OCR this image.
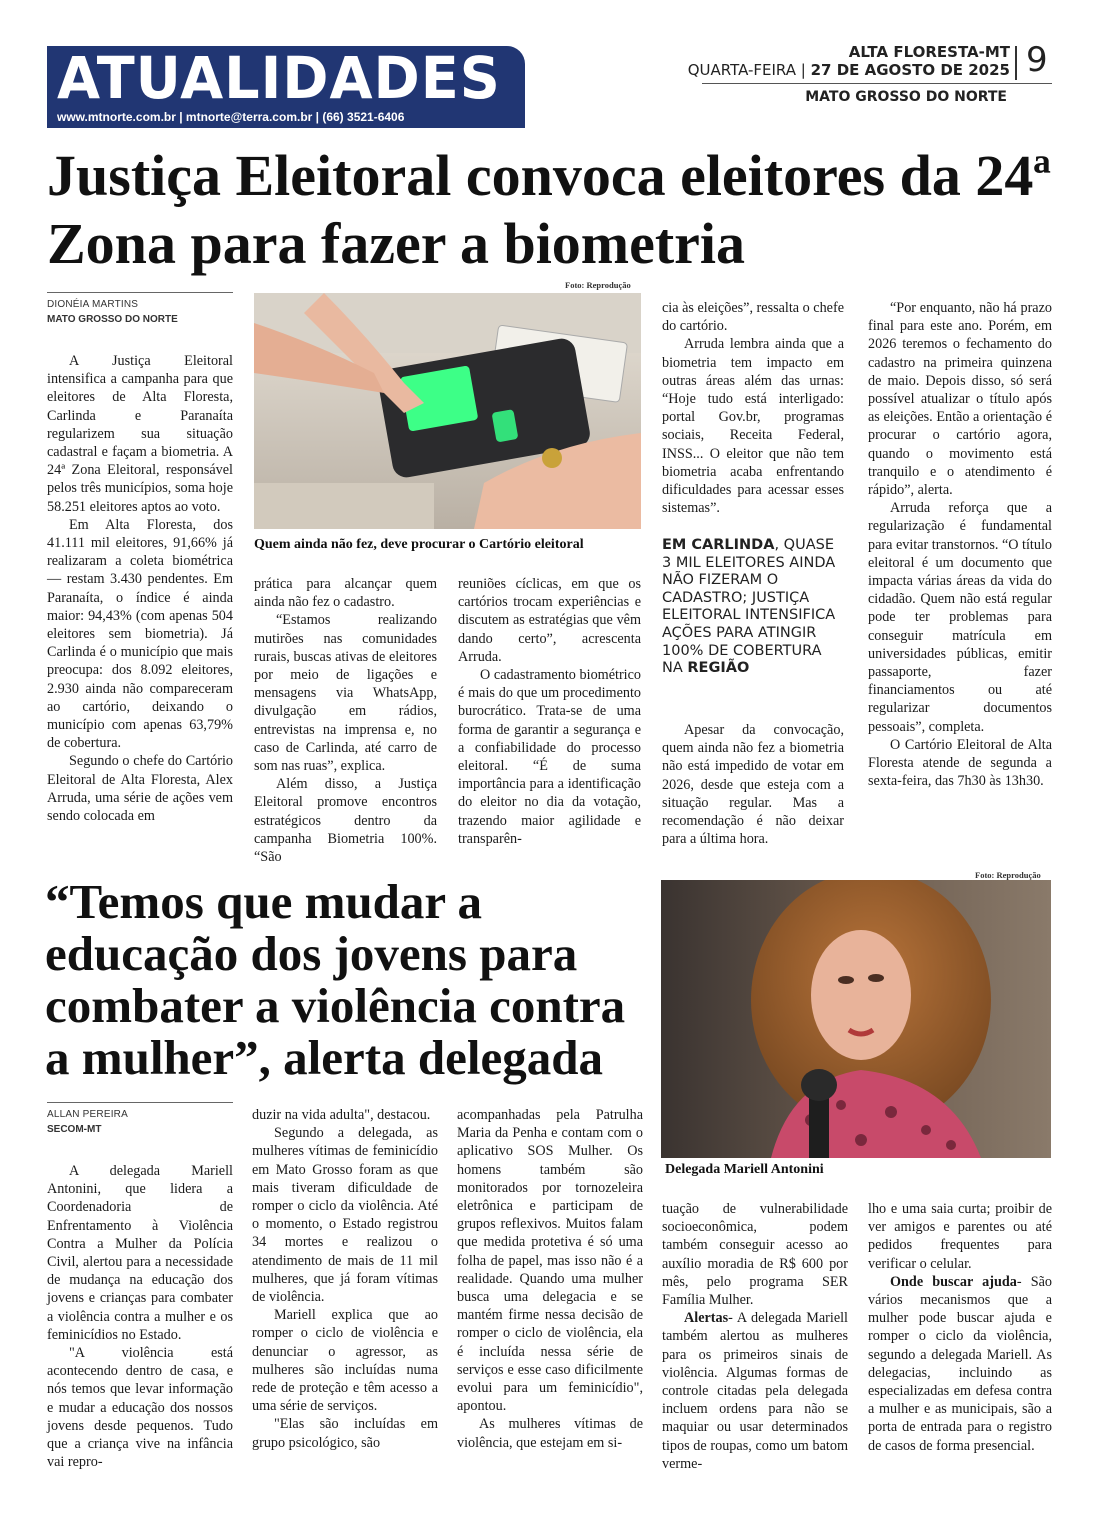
ATUALIDADES
www.mtnorte.com.br | mtnorte@terra.com.br | (66) 3521-6406
ALTA FLORESTA-MT
QUARTA-FEIRA | 27 DE AGOSTO DE 2025 9
MATO GROSSO DO NORTE
Justiça Eleitoral convoca eleitores da 24ª Zona para fazer a biometria
DIONÉIA MARTINS
MATO GROSSO DO NORTE

A Justiça Eleitoral intensifica a campanha para que eleitores de Alta Floresta, Carlinda e Paranaíta regularizem sua situação cadastral e façam a biometria. A 24ª Zona Eleitoral, responsável pelos três municípios, soma hoje 58.251 eleitores aptos ao voto.

Em Alta Floresta, dos 41.111 mil eleitores, 91,66% já realizaram a coleta biométrica — restam 3.430 pendentes. Em Paranaíta, o índice é ainda maior: 94,43% (com apenas 504 eleitores sem biometria). Já Carlinda é o município que mais preocupa: dos 8.092 eleitores, 2.930 ainda não compareceram ao cartório, deixando o município com apenas 63,79% de cobertura.

Segundo o chefe do Cartório Eleitoral de Alta Floresta, Alex Arruda, uma série de ações vem sendo colocada em

Foto: Reprodução
Quem ainda não fez, deve procurar o Cartório eleitoral

prática para alcançar quem ainda não fez o cadastro.

“Estamos realizando mutirões nas comunidades rurais, buscas ativas de eleitores por meio de ligações e mensagens via WhatsApp, divulgação em rádios, entrevistas na imprensa e, no caso de Carlinda, até carro de som nas ruas”, explica.

Além disso, a Justiça Eleitoral promove encontros estratégicos dentro da campanha Biometria 100%. “São

reuniões cíclicas, em que os cartórios trocam experiências e discutem as estratégias que vêm dando certo”, acrescenta Arruda.

O cadastramento biométrico é mais do que um procedimento burocrático. Trata-se de uma forma de garantir a segurança e a confiabilidade do processo eleitoral. “É de suma importância para a identificação do eleitor no dia da votação, trazendo maior agilidade e transparên-

cia às eleições”, ressalta o chefe do cartório.

Arruda lembra ainda que a biometria tem impacto em outras áreas além das urnas: “Hoje tudo está interligado: portal Gov.br, programas sociais, Receita Federal, INSS... O eleitor que não tem biometria acaba enfrentando dificuldades para acessar esses sistemas”.

EM CARLINDA, QUASE 3 MIL ELEITORES AINDA NÃO FIZERAM O CADASTRO; JUSTIÇA ELEITORAL INTENSIFICA AÇÕES PARA ATINGIR 100% DE COBERTURA NA REGIÃO

Apesar da convocação, quem ainda não fez a biometria não está impedido de votar em 2026, desde que esteja com a situação regular. Mas a recomendação é não deixar para a última hora.

“Por enquanto, não há prazo final para este ano. Porém, em 2026 teremos o fechamento do cadastro na primeira quinzena de maio. Depois disso, só será possível atualizar o título após as eleições. Então a orientação é procurar o cartório agora, quando o movimento está tranquilo e o atendimento é rápido”, alerta.

Arruda reforça que a regularização é fundamental para evitar transtornos. “O título eleitoral é um documento que impacta várias áreas da vida do cidadão. Quem não está regular pode ter problemas para conseguir matrícula em universidades públicas, emitir passaporte, fazer financiamentos ou até regularizar documentos pessoais”, completa.

O Cartório Eleitoral de Alta Floresta atende de segunda a sexta-feira, das 7h30 às 13h30.

“Temos que mudar a educação dos jovens para combater a violência contra a mulher”, alerta delegada
Foto: Reprodução
Delegada Mariell Antonini
ALLAN PEREIRA
SECOM-MT

A delegada Mariell Antonini, que lidera a Coordenadoria de Enfrentamento à Violência Contra a Mulher da Polícia Civil, alertou para a necessidade de mudança na educação dos jovens e crianças para combater a violência contra a mulher e os feminicídios no Estado.

"A violência está acontecendo dentro de casa, e nós temos que levar informação e mudar a educação dos nossos jovens desde pequenos. Tudo que a criança vive na infância vai repro-

duzir na vida adulta", destacou.

Segundo a delegada, as mulheres vítimas de feminicídio em Mato Grosso foram as que mais tiveram dificuldade de romper o ciclo da violência. Até o momento, o Estado registrou 34 mortes e realizou o atendimento de mais de 11 mil mulheres, que já foram vítimas de violência.

Mariell explica que ao romper o ciclo de violência e denunciar o agressor, as mulheres são incluídas numa rede de proteção e têm acesso a uma série de serviços.

"Elas são incluídas em grupo psicológico, são

acompanhadas pela Patrulha Maria da Penha e contam com o aplicativo SOS Mulher. Os homens também são monitorados por tornozeleira eletrônica e participam de grupos reflexivos. Muitos falam que medida protetiva é só uma folha de papel, mas isso não é a realidade. Quando uma mulher busca uma delegacia e se mantém firme nessa decisão de romper o ciclo de violência, ela é incluída nessa série de serviços e esse caso dificilmente evolui para um feminicídio", apontou.

As mulheres vítimas de violência, que estejam em si-

tuação de vulnerabilidade socioeconômica, podem também conseguir acesso ao auxílio moradia de R$ 600 por mês, pelo programa SER Família Mulher.

Alertas- A delegada Mariell também alertou as mulheres para os primeiros sinais de violência. Algumas formas de controle citadas pela delegada incluem ordens para não se maquiar ou usar determinados tipos de roupas, como um batom verme-

lho e uma saia curta; proibir de ver amigos e parentes ou até pedidos frequentes para verificar o celular.

Onde buscar ajuda- São vários mecanismos que a mulher pode buscar ajuda e romper o ciclo da violência, segundo a delegada Mariell. As delegacias, incluindo as especializadas em defesa contra a mulher e as municipais, são a porta de entrada para o registro de casos de forma presencial.
